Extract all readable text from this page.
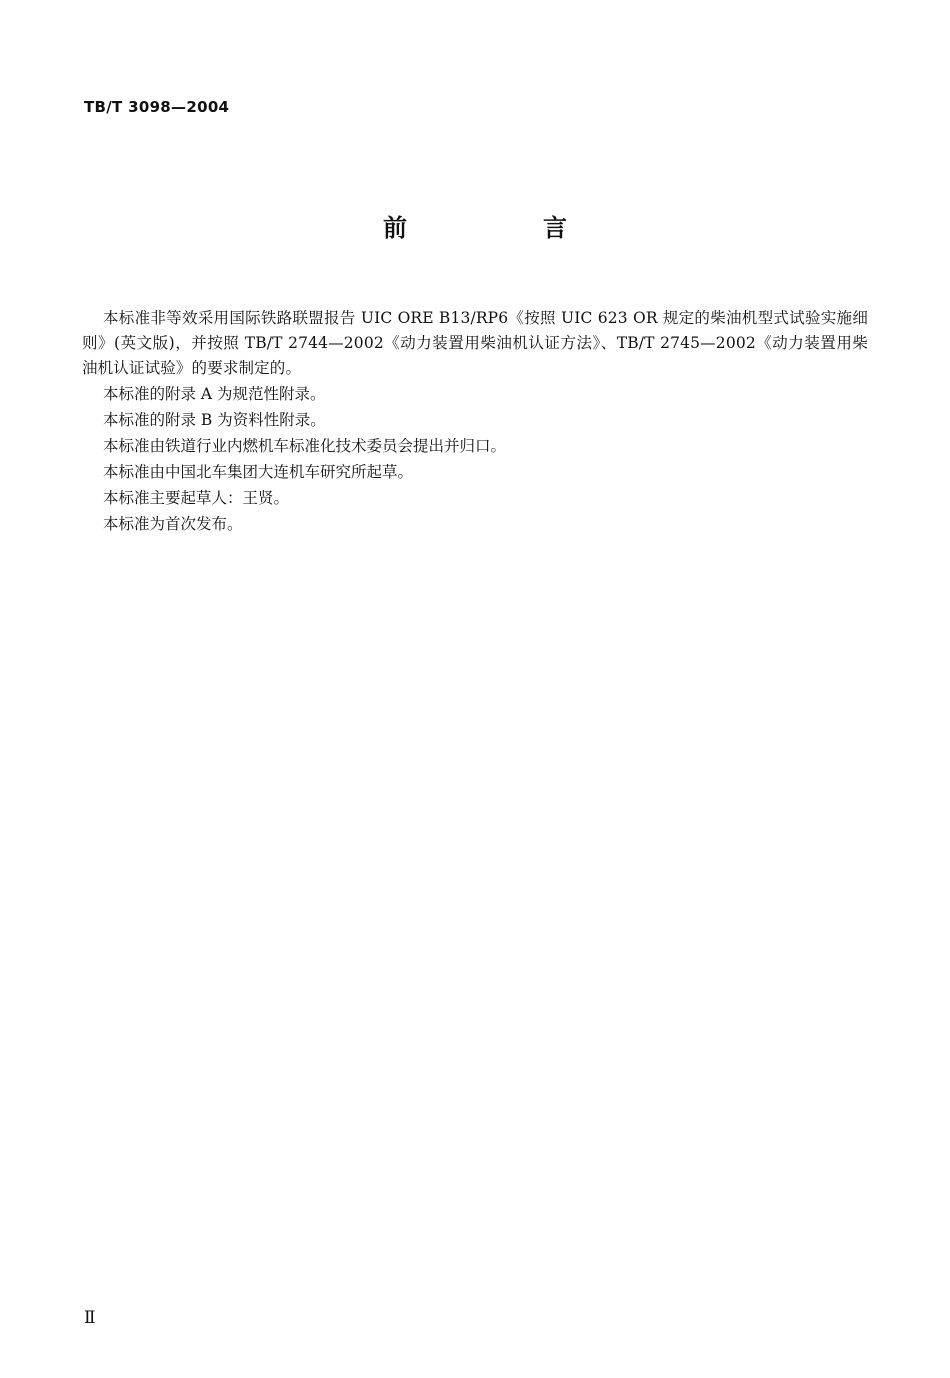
TB/T 3098—2004
前　言

本标准非等效采用国际铁路联盟报告 UIC ORE B13/RP6《按照 UIC 623 OR 规定的柴油机型式试验实施细则》(英文版)，并按照 TB/T 2744—2002《动力装置用柴油机认证方法》、TB/T 2745—2002《动力装置用柴油机认证试验》的要求制定的。

本标准的附录 A 为规范性附录。

本标准的附录 B 为资料性附录。

本标准由铁道行业内燃机车标准化技术委员会提出并归口。

本标准由中国北车集团大连机车研究所起草。

本标准主要起草人：王贤。

本标准为首次发布。

Ⅱ
